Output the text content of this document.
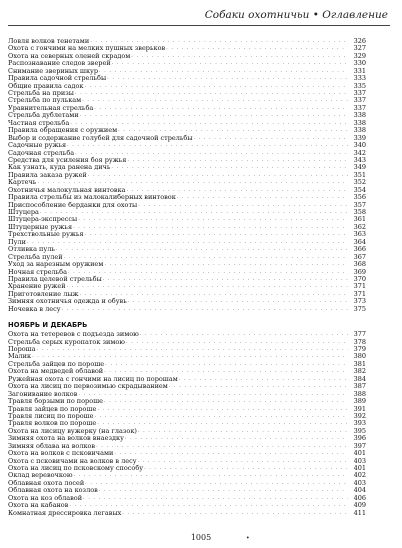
Собаки охотничьи • Оглавление
Ловля волков тенетами . . .	326
Охота с гончими на мелких пушных зверьков . . .	327
Охота на северных оленей скрадом . . .	329
Распознавание следов зверей . . .	330
Снимание звериных шкур . . .	331
Правила садочной стрельбы . . .	333
Общие правила садок . . .	335
Стрельба на призы . . .	337
Стрельба по пулькам . . .	337
Уравнительная стрельба . . .	337
Стрельба дублетами . . .	338
Частная стрельба . . .	338
Правила обращения с оружием . . .	338
Выбор и содержание голубей для садочной стрельбы . . .	339
Садочные ружья . . .	340
Садочная стрельба . . .	342
Средства для усиления боя ружья . . .	343
Как узнать, куда ранена дичь . . .	349
Правила заказа ружей . . .	351
Картечь . . .	352
Охотничья малокульная винтовка . . .	354
Правила стрельбы из малокалиберных винтовок . . .	356
Приспособление берданки для охоты . . .	357
Штуцера . . .	358
Штуцера-экспрессы . . .	361
Штуцерные ружья . . .	362
Трехствольные ружья . . .	363
Пули . . .	364
Отливка пуль . . .	366
Стрельба пулей . . .	367
Уход за нарезным оружием . . .	368
Ночная стрельба . . .	369
Правила целевой стрельбы . . .	370
Хранение ружей . . .	371
Приготовление лыж . . .	371
Зимняя охотничья одежда и обувь . . .	373
Ночевка в лесу . . .	375
НОЯБРЬ И ДЕКАБРЬ
Охота на тетеревов с подъезда зимою . . .	377
Стрельба серых куропаток зимою . . .	378
Пороша . . .	379
Малик . . .	380
Стрельба зайцев по пороше . . .	381
Охота на медведей облавой . . .	382
Ружейная охота с гончими на лисиц по порошам . . .	384
Охота на лисиц по первозимью скрадыванием . . .	387
Загонивание волков . . .	388
Травля борзыми по пороше . . .	389
Травля зайцев по пороше . . .	391
Травля лисиц по пороше . . .	392
Травля волков по пороше . . .	393
Охота на лисицу вужерку (на глазок) . . .	395
Зимняя охота на волков внаездку . . .	396
Зимняя облава на волков . . .	397
Охота на волков с псковичами . . .	401
Охота с псковичами на волков в лесу . . .	403
Охота на лисиц по псковскому способу . . .	401
Оклад веревочкою . . .	402
Облавная охота лосей . . .	403
Облавная охота на козлов . . .	404
Охота на коз облавой . . .	406
Охота на кабанов . . .	409
Комнатная дрессировка легавых . . .	411
1005	•
